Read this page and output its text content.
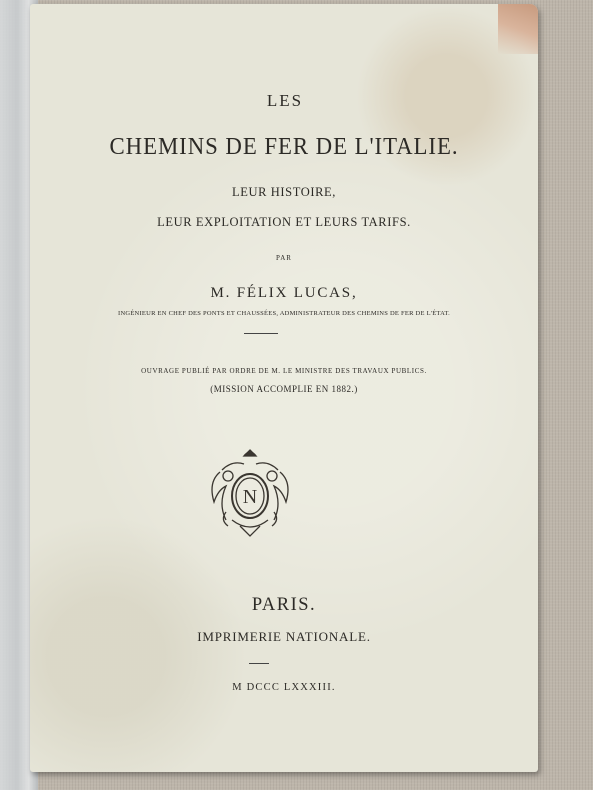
LES
CHEMINS DE FER DE L'ITALIE.
LEUR HISTOIRE,
LEUR EXPLOITATION ET LEURS TARIFS.
PAR
M. FÉLIX LUCAS,
INGÉNIEUR EN CHEF DES PONTS ET CHAUSSÉES, ADMINISTRATEUR DES CHEMINS DE FER DE L'ÉTAT.
OUVRAGE PUBLIÉ PAR ORDRE DE M. LE MINISTRE DES TRAVAUX PUBLICS.
(MISSION ACCOMPLIE EN 1882.)
N
PARIS.
IMPRIMERIE NATIONALE.
M DCCC LXXXIII.
